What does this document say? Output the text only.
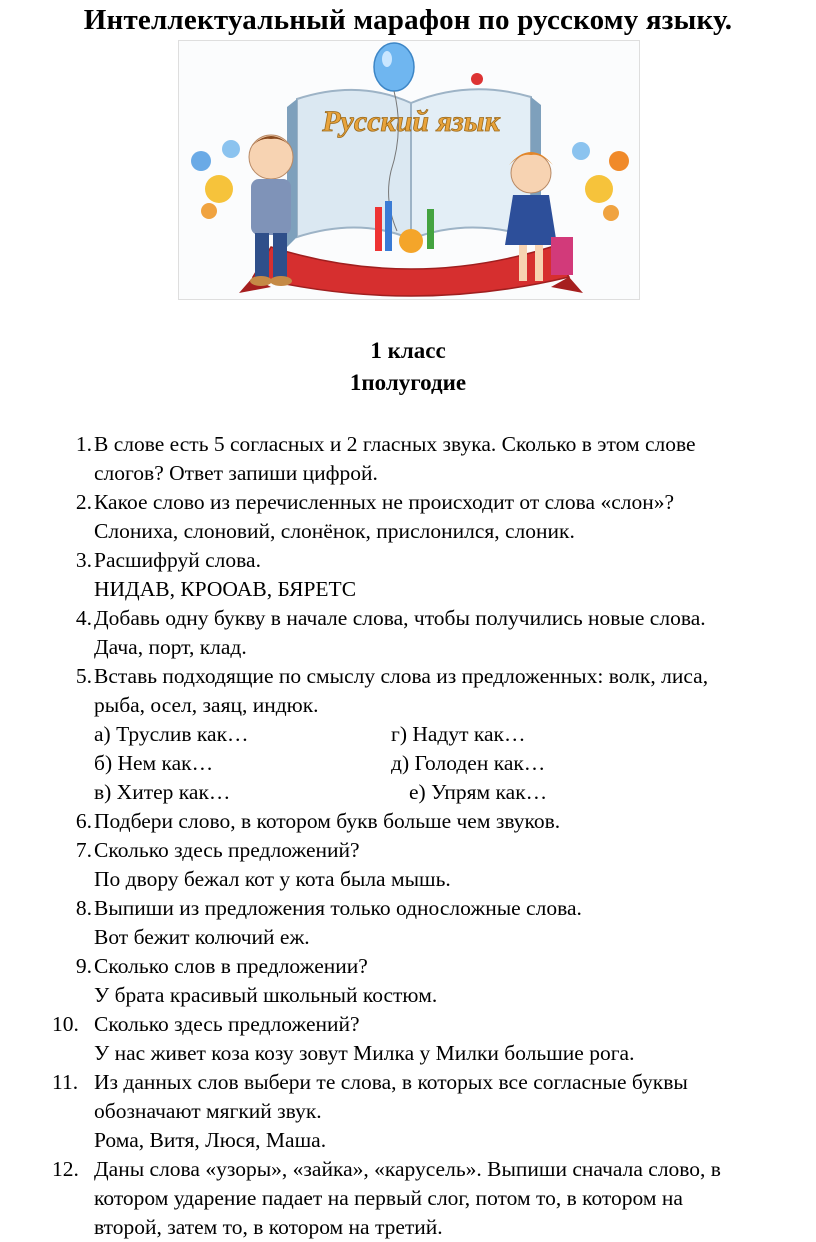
Интеллектуальный марафон по русскому языку.
Русский язык
1 класс
1полугодие
1. В слове есть 5 согласных и 2 гласных звука. Сколько в этом слове
слогов? Ответ запиши цифрой.
2. Какое слово из перечисленных не происходит от слова «слон»?
Слониха, слоновий, слонёнок, прислонился, слоник.
3. Расшифруй слова.
НИДАВ, КРООАВ, БЯРЕТС
4. Добавь одну букву в начале слова, чтобы получились новые слова.
Дача, порт, клад.
5. Вставь подходящие по смыслу слова из предложенных: волк, лиса,
рыба, осел, заяц, индюк.
а) Труслив как…	г) Надут как…
б) Нем как…	д) Голоден как…
в) Хитер как…	е) Упрям как…
6. Подбери слово, в котором букв больше чем звуков.
7. Сколько здесь предложений?
По двору бежал кот у кота была мышь.
8. Выпиши из предложения только односложные слова.
Вот бежит колючий еж.
9. Сколько слов в предложении?
У брата красивый школьный костюм.
10. Сколько здесь предложений?
У нас живет коза козу зовут Милка у Милки большие рога.
11. Из данных слов выбери те слова, в которых все согласные буквы
обозначают мягкий звук.
Рома, Витя, Люся, Маша.
12. Даны слова «узоры», «зайка», «карусель». Выпиши сначала слово, в
котором ударение падает на первый слог, потом то, в котором на
второй, затем то, в котором на третий.
